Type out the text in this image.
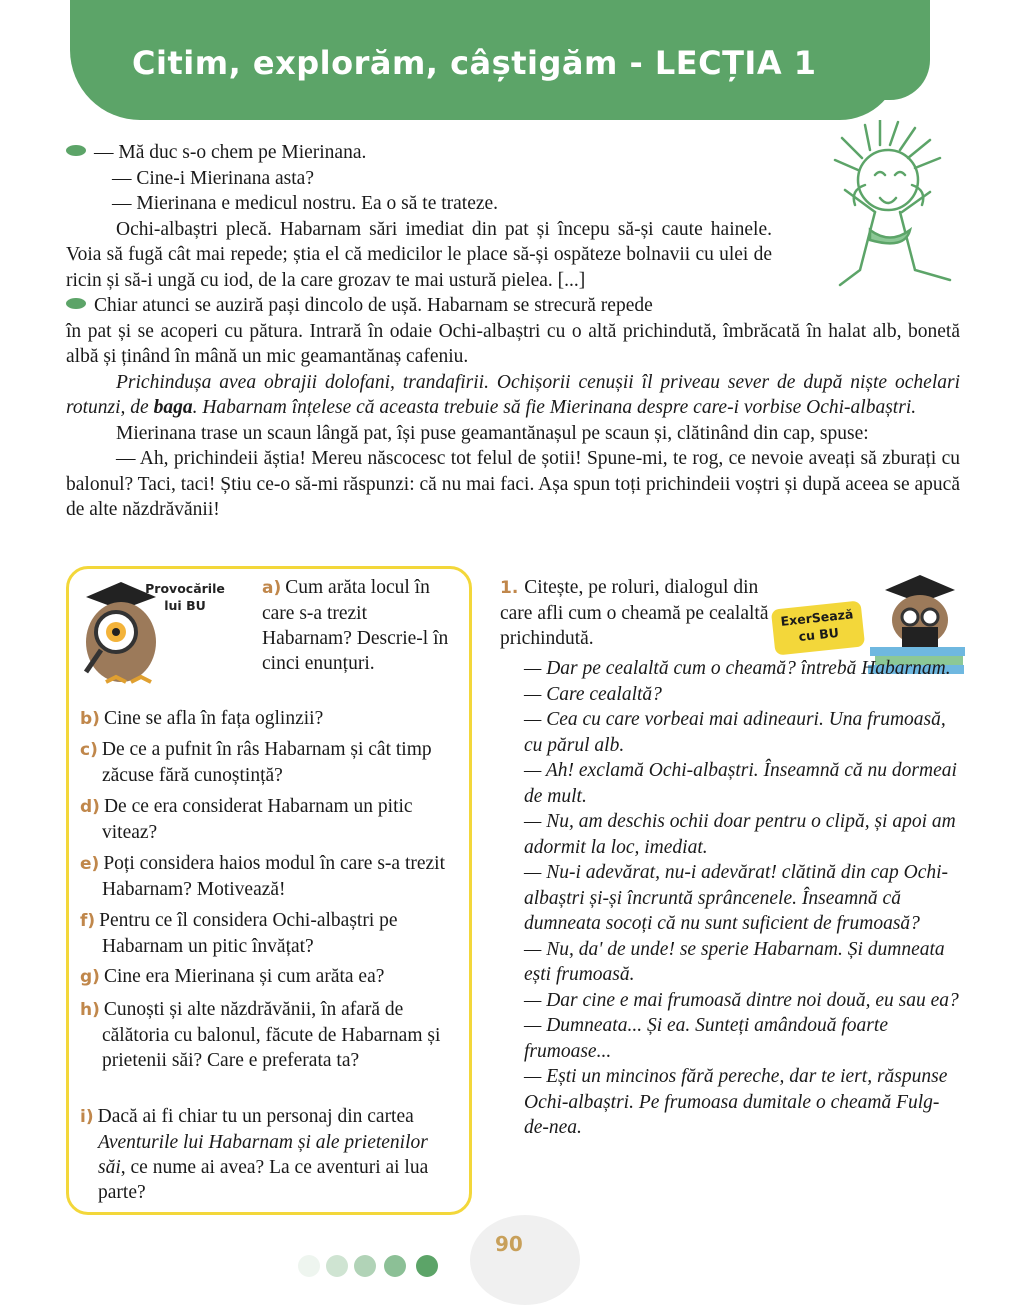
Citim, explorăm, câștigăm - LECȚIA 1

— Mă duc s-o chem pe Mierinana.

— Cine-i Mierinana asta?

— Mierinana e medicul nostru. Ea o să te trateze.

Ochi-albaștri plecă. Habarnam sări imediat din pat și începu să-și caute hainele. Voia să fugă cât mai repede; știa el că medicilor le place să-și ospăteze bolnavii cu ulei de ricin și să-i ungă cu iod, de la care grozav te mai ustură pielea. [...]

Chiar atunci se auziră pași dincolo de ușă. Habarnam se strecură repede

în pat și se acoperi cu pătura. Intrară în odaie Ochi-albaștri cu o altă prichindută, îmbrăcată în halat alb, bonetă albă și ținând în mână un mic geamantănaș cafeniu.

Prichindușa avea obrajii dolofani, trandafirii. Ochișorii cenușii îl priveau sever de după niște ochelari rotunzi, de baga. Habarnam înțelese că aceasta trebuie să fie Mierinana despre care-i vorbise Ochi-albaștri.

Mierinana trase un scaun lângă pat, își puse geamantănașul pe scaun și, clătinând din cap, spuse:

— Ah, prichindeii ăștia! Mereu născocesc tot felul de șotii! Spune-mi, te rog, ce nevoie aveați să zburați cu balonul? Taci, taci! Știu ce-o să-mi răspunzi: că nu mai faci. Așa spun toți prichindeii voștri și după aceea se apucă de alte năzdrăvănii!

Provocările
lui BU
a) Cum arăta locul în care s-a trezit Habarnam? Descrie-l în cinci enunțuri.
b) Cine se afla în fața oglinzii?
c) De ce a pufnit în râs Habarnam și cât timp zăcuse fără cunoștință?
d) De ce era considerat Habarnam un pitic viteaz?
e) Poți considera haios modul în care s-a trezit Habarnam? Motivează!
f) Pentru ce îl considera Ochi-albaștri pe Habarnam un pitic învățat?
g) Cine era Mierinana și cum arăta ea?
h) Cunoști și alte năzdrăvănii, în afară de călătoria cu balonul, făcute de Habarnam și prietenii săi? Care e preferata ta?
i) Dacă ai fi chiar tu un personaj din cartea Aventurile lui Habarnam și ale prietenilor săi, ce nume ai avea? La ce aventuri ai lua parte?
1. Citește, pe roluri, dialogul din care afli cum o cheamă pe cealaltă prichindută.
ExerSează
cu BU

— Dar pe cealaltă cum o cheamă? întrebă Habarnam.

— Care cealaltă?

— Cea cu care vorbeai mai adineauri. Una frumoasă, cu părul alb.

— Ah! exclamă Ochi-albaștri. Înseamnă că nu dormeai de mult.

— Nu, am deschis ochii doar pentru o clipă, și apoi am adormit la loc, imediat.

— Nu-i adevărat, nu-i adevărat! clătină din cap Ochi-albaștri și-și încruntă sprâncenele. Înseamnă că dumneata socoți că nu sunt suficient de frumoasă?

— Nu, da' de unde! se sperie Habarnam. Și dumneata ești frumoasă.

— Dar cine e mai frumoasă dintre noi două, eu sau ea?

— Dumneata... Și ea. Sunteți amândouă foarte frumoase...

— Ești un mincinos fără pereche, dar te iert, răspunse Ochi-albaștri. Pe frumoasa dumitale o cheamă Fulg-de-nea.

90
